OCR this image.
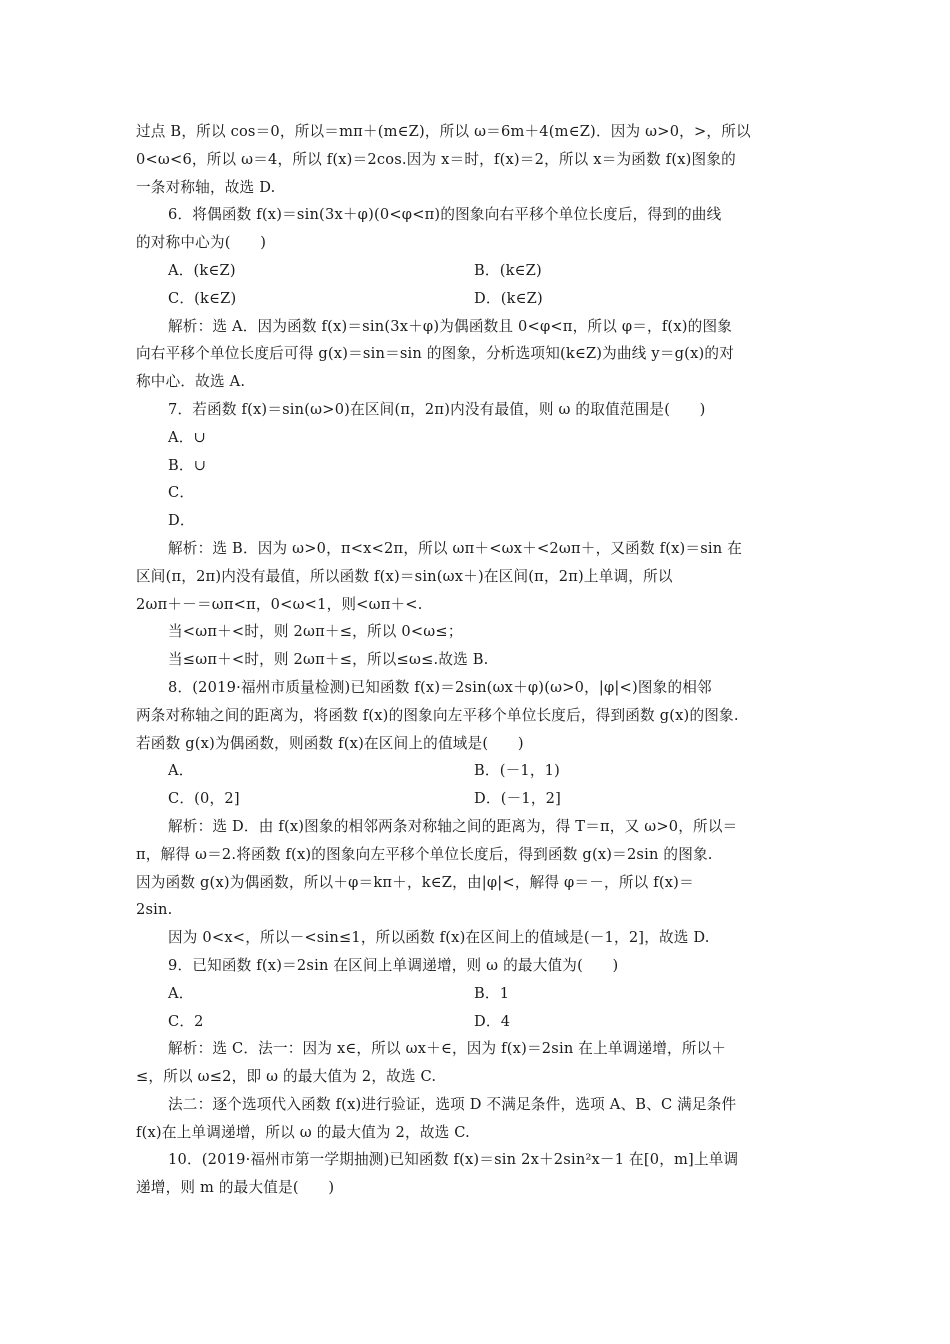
过点 B，所以 cos＝0，所以＝mπ＋(m∈Z)，所以 ω＝6m＋4(m∈Z)．因为 ω>0，>，所以
0<ω<6，所以 ω＝4，所以 f(x)＝2cos.因为 x＝时，f(x)＝2，所以 x＝为函数 f(x)图象的
一条对称轴，故选 D.
6．将偶函数 f(x)＝sin(3x＋φ)(0<φ<π)的图象向右平移个单位长度后，得到的曲线
的对称中心为(　　)
A．(k∈Z)	B．(k∈Z)
C．(k∈Z)	D．(k∈Z)
解析：选 A．因为函数 f(x)＝sin(3x＋φ)为偶函数且 0<φ<π，所以 φ＝，f(x)的图象
向右平移个单位长度后可得 g(x)＝sin＝sin 的图象，分析选项知(k∈Z)为曲线 y＝g(x)的对
称中心．故选 A.
7．若函数 f(x)＝sin(ω>0)在区间(π，2π)内没有最值，则 ω 的取值范围是(　　)
A．∪
B．∪
C．
D．
解析：选 B．因为 ω>0，π<x<2π，所以 ωπ＋<ωx＋<2ωπ＋，又函数 f(x)＝sin 在
区间(π，2π)内没有最值，所以函数 f(x)＝sin(ωx＋)在区间(π，2π)上单调，所以
2ωπ＋－＝ωπ<π，0<ω<1，则<ωπ＋<.
当<ωπ＋<时，则 2ωπ＋≤，所以 0<ω≤；
当≤ωπ＋<时，则 2ωπ＋≤，所以≤ω≤.故选 B.
8．(2019·福州市质量检测)已知函数 f(x)＝2sin(ωx＋φ)(ω>0，|φ|<)图象的相邻
两条对称轴之间的距离为，将函数 f(x)的图象向左平移个单位长度后，得到函数 g(x)的图象.
若函数 g(x)为偶函数，则函数 f(x)在区间上的值域是(　　)
A．	B．(－1，1)
C．(0，2]	D．(－1，2]
解析：选 D．由 f(x)图象的相邻两条对称轴之间的距离为，得 T＝π，又 ω>0，所以＝
π，解得 ω＝2.将函数 f(x)的图象向左平移个单位长度后，得到函数 g(x)＝2sin 的图象.
因为函数 g(x)为偶函数，所以＋φ＝kπ＋，k∈Z，由|φ|<，解得 φ＝－，所以 f(x)＝
2sin.
因为 0<x<，所以－<sin≤1，所以函数 f(x)在区间上的值域是(－1，2]，故选 D.
9．已知函数 f(x)＝2sin 在区间上单调递增，则 ω 的最大值为(　　)
A．	B．1
C．2	D．4
解析：选 C．法一：因为 x∈，所以 ωx＋∈，因为 f(x)＝2sin 在上单调递增，所以＋
≤，所以 ω≤2，即 ω 的最大值为 2，故选 C.
法二：逐个选项代入函数 f(x)进行验证，选项 D 不满足条件，选项 A、B、C 满足条件
f(x)在上单调递增，所以 ω 的最大值为 2，故选 C.
10．(2019·福州市第一学期抽测)已知函数 f(x)＝sin 2x＋2sin²x－1 在[0，m]上单调
递增，则 m 的最大值是(　　)
